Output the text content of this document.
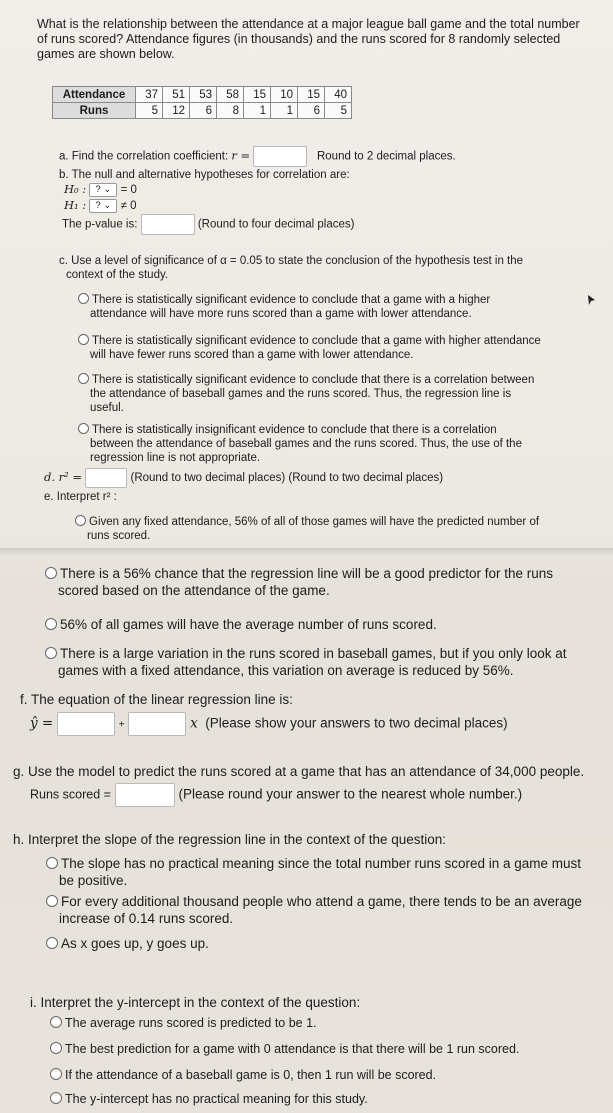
What is the relationship between the attendance at a major league ball game and the total number
of runs scored? Attendance figures (in thousands) and the runs scored for 8 randomly selected
games are shown below.
Attendance	37	51	53	58	15	10	15	40
Runs	5	12	6	8	1	1	6	5
a. Find the correlation coefficient: r =	Round to 2 decimal places.
b. The null and alternative hypotheses for correlation are:
H₀ : ? ⌄ = 0
H₁ : ? ⌄ ≠ 0
The p-value is:	(Round to four decimal places)
c. Use a level of significance of α = 0.05 to state the conclusion of the hypothesis test in the
context of the study.
There is statistically significant evidence to conclude that a game with a higher
attendance will have more runs scored than a game with lower attendance.
There is statistically significant evidence to conclude that a game with higher attendance
will have fewer runs scored than a game with lower attendance.
There is statistically significant evidence to conclude that there is a correlation between
the attendance of baseball games and the runs scored. Thus, the regression line is
useful.
There is statistically insignificant evidence to conclude that there is a correlation
between the attendance of baseball games and the runs scored. Thus, the use of the
regression line is not appropriate.
d. r² =	(Round to two decimal places) (Round to two decimal places)
e. Interpret r² :
Given any fixed attendance, 56% of all of those games will have the predicted number of
runs scored.
There is a 56% chance that the regression line will be a good predictor for the runs
scored based on the attendance of the game.
56% of all games will have the average number of runs scored.
There is a large variation in the runs scored in baseball games, but if you only look at
games with a fixed attendance, this variation on average is reduced by 56%.
f. The equation of the linear regression line is:
ŷ =	+	x (Please show your answers to two decimal places)
g. Use the model to predict the runs scored at a game that has an attendance of 34,000 people.
Runs scored =	(Please round your answer to the nearest whole number.)
h. Interpret the slope of the regression line in the context of the question:
The slope has no practical meaning since the total number runs scored in a game must
be positive.
For every additional thousand people who attend a game, there tends to be an average
increase of 0.14 runs scored.
As x goes up, y goes up.
i. Interpret the y-intercept in the context of the question:
The average runs scored is predicted to be 1.
The best prediction for a game with 0 attendance is that there will be 1 run scored.
If the attendance of a baseball game is 0, then 1 run will be scored.
The y-intercept has no practical meaning for this study.
